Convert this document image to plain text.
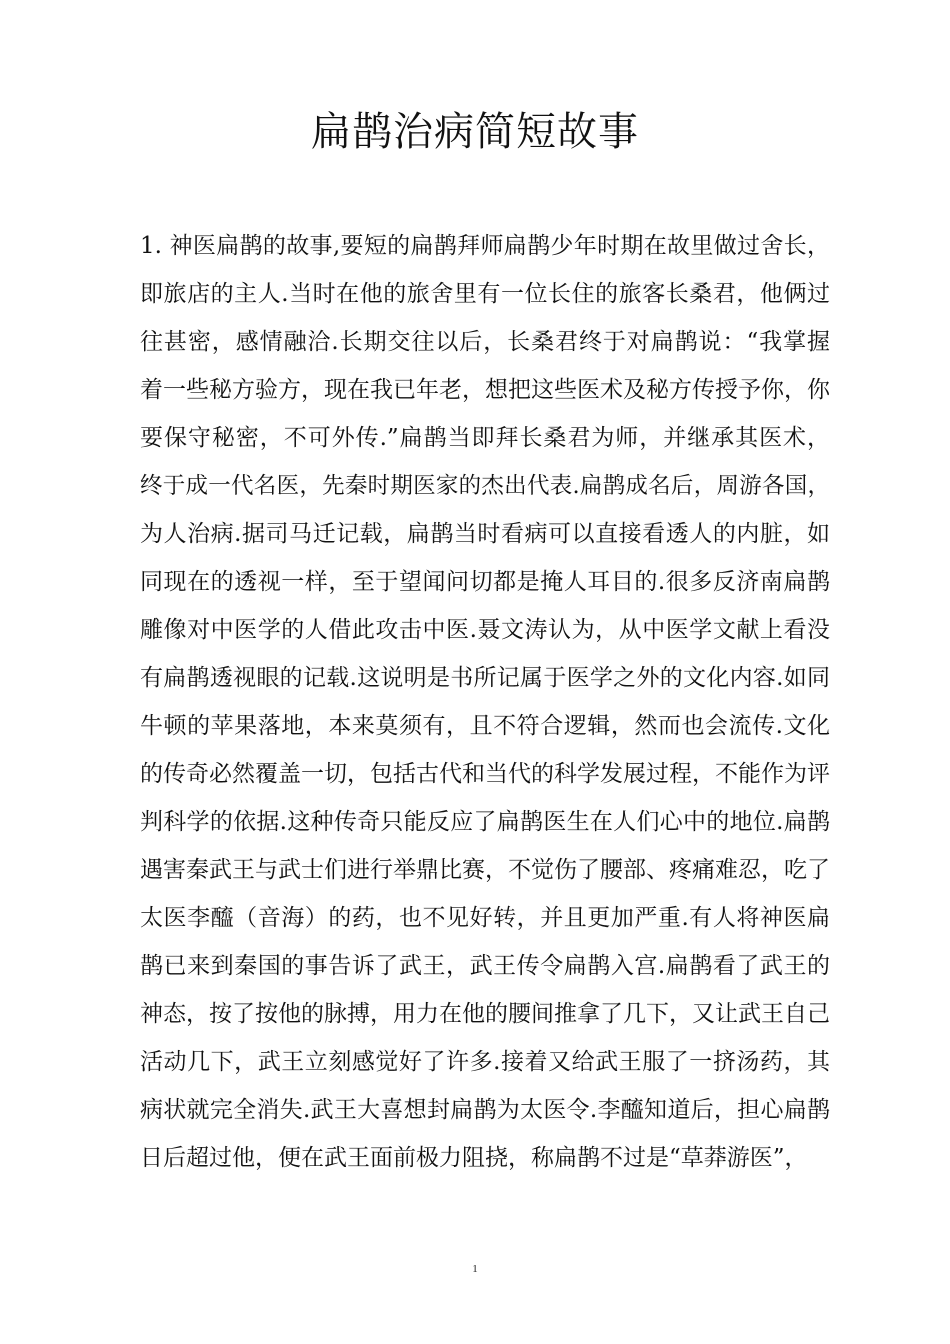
扁鹊治病简短故事
1. 神医扁鹊的故事,要短的扁鹊拜师扁鹊少年时期在故里做过舍长，
即旅店的主人.当时在他的旅舍里有一位长住的旅客长桑君，他俩过
往甚密，感情融洽.长期交往以后，长桑君终于对扁鹊说：“我掌握
着一些秘方验方，现在我已年老，想把这些医术及秘方传授予你，你
要保守秘密，不可外传.”扁鹊当即拜长桑君为师，并继承其医术，
终于成一代名医，先秦时期医家的杰出代表.扁鹊成名后，周游各国，
为人治病.据司马迁记载，扁鹊当时看病可以直接看透人的内脏，如
同现在的透视一样，至于望闻问切都是掩人耳目的.很多反济南扁鹊
雕像对中医学的人借此攻击中医.聂文涛认为，从中医学文献上看没
有扁鹊透视眼的记载.这说明是书所记属于医学之外的文化内容.如同
牛顿的苹果落地，本来莫须有，且不符合逻辑，然而也会流传.文化
的传奇必然覆盖一切，包括古代和当代的科学发展过程，不能作为评
判科学的依据.这种传奇只能反应了扁鹊医生在人们心中的地位.扁鹊
遇害秦武王与武士们进行举鼎比赛，不觉伤了腰部、疼痛难忍，吃了
太医李醯（音海）的药，也不见好转，并且更加严重.有人将神医扁
鹊已来到秦国的事告诉了武王，武王传令扁鹊入宫.扁鹊看了武王的
神态，按了按他的脉搏，用力在他的腰间推拿了几下，又让武王自己
活动几下，武王立刻感觉好了许多.接着又给武王服了一挤汤药，其
病状就完全消失.武王大喜想封扁鹊为太医令.李醯知道后，担心扁鹊
日后超过他，便在武王面前极力阻挠，称扁鹊不过是“草莽游医”，
1
